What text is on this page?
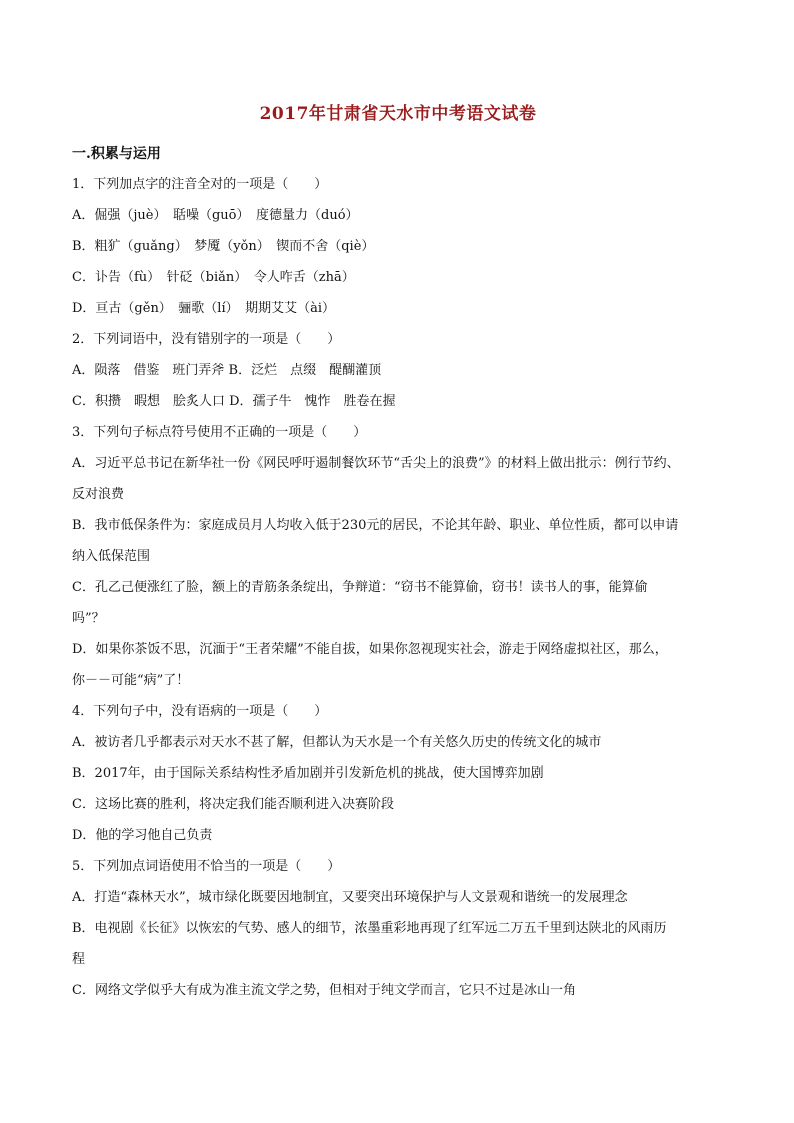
2017年甘肃省天水市中考语文试卷
一.积累与运用
1．下列加点字的注音全对的一项是（　　）
A．倔强（juè）　聒噪（guō）　度德量力（duó）
B．粗犷（guǎng）　梦魇（yǒn）　锲而不舍（qiè）
C．讣告（fù）　针砭（biǎn）　令人咋舌（zhā）
D．亘古（gěn）　骊歌（lí）　期期艾艾（ài）
2．下列词语中，没有错别字的一项是（　　）
A．陨落　借鉴　班门弄斧 B．泛烂　点缀　醍醐灌顶
C．积攒　暇想　脍炙人口 D．孺子牛　愧怍　胜卷在握
3．下列句子标点符号使用不正确的一项是（　　）
A．习近平总书记在新华社一份《网民呼吁遏制餐饮环节“舌尖上的浪费”》的材料上做出批示：例行节约、
反对浪费
B．我市低保条件为：家庭成员月人均收入低于230元的居民，不论其年龄、职业、单位性质，都可以申请
纳入低保范围
C．孔乙己便涨红了脸，额上的青筋条条绽出，争辩道：“窃书不能算偷，窃书！读书人的事，能算偷
吗”？
D．如果你茶饭不思，沉湎于“王者荣耀”不能自拔，如果你忽视现实社会，游走于网络虚拟社区，那么，
你－－可能“病”了！
4．下列句子中，没有语病的一项是（　　）
A．被访者几乎都表示对天水不甚了解，但都认为天水是一个有关悠久历史的传统文化的城市
B．2017年，由于国际关系结构性矛盾加剧并引发新危机的挑战，使大国博弈加剧
C．这场比赛的胜利，将决定我们能否顺利进入决赛阶段
D．他的学习他自己负责
5．下列加点词语使用不恰当的一项是（　　）
A．打造“森林天水”，城市绿化既要因地制宜，又要突出环境保护与人文景观和谐统一的发展理念
B．电视剧《长征》以恢宏的气势、感人的细节，浓墨重彩地再现了红军远二万五千里到达陕北的风雨历
程
C．网络文学似乎大有成为准主流文学之势，但相对于纯文学而言，它只不过是冰山一角
